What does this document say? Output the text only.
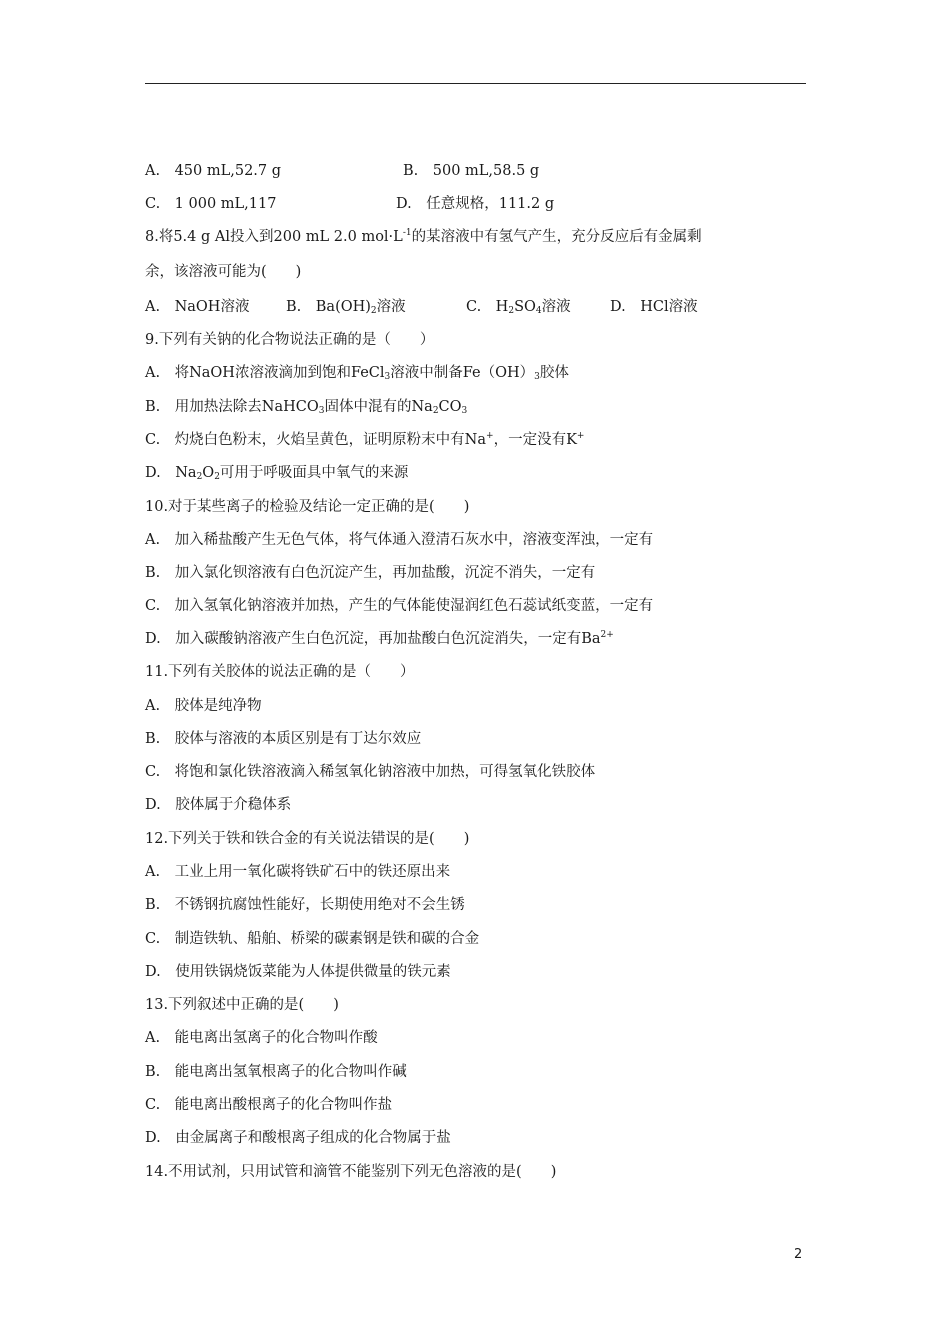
A.　450 mL,52.7 g	B.　500 mL,58.5 g
C.　1 000 mL,117	D.　任意规格，111.2 g
8.将5.4 g Al投入到200 mL 2.0 $mol\cdot L^{-1}$的某溶液中有氢气产生，充分反应后有金属剩
余，该溶液可能为(　　)
A.　NaOH溶液	B.　$Ba(OH)_2$溶液	C.　$H_2SO_4$溶液	D.　HCl溶液
9.下列有关钠的化合物说法正确的是（　　）
A.　将NaOH浓溶液滴加到饱和FeCl$_3$溶液中制备$Fe(OH)_3$胶体
B.　用加热法除去NaHCO$_3$固体中混有的$Na_2CO_3$
C.　灼烧白色粉末，火焰呈黄色，证明原粉末中有Na+，一定没有K+
D.　$Na_2O_2$可用于呼吸面具中氧气的来源
10.对于某些离子的检验及结论一定正确的是(　　)
A.　加入稀盐酸产生无色气体，将气体通入澄清石灰水中，溶液变浑浊，一定有
B.　加入氯化钡溶液有白色沉淀产生，再加盐酸，沉淀不消失，一定有
C.　加入氢氧化钠溶液并加热，产生的气体能使湿润红色石蕊试纸变蓝，一定有
D.　加入碳酸钠溶液产生白色沉淀，再加盐酸白色沉淀消失，一定有$Ba^{2+}$
11.下列有关胶体的说法正确的是（　　）
A.　胶体是纯净物
B.　胶体与溶液的本质区别是有丁达尔效应
C.　将饱和氯化铁溶液滴入稀氢氧化钠溶液中加热，可得氢氧化铁胶体
D.　胶体属于介稳体系
12.下列关于铁和铁合金的有关说法错误的是(　　)
A.　工业上用一氧化碳将铁矿石中的铁还原出来
B.　不锈钢抗腐蚀性能好，长期使用绝对不会生锈
C.　制造铁轨、船舶、桥梁的碳素钢是铁和碳的合金
D.　使用铁锅烧饭菜能为人体提供微量的铁元素
13.下列叙述中正确的是(　　)
A.　能电离出氢离子的化合物叫作酸
B.　能电离出氢氧根离子的化合物叫作碱
C.　能电离出酸根离子的化合物叫作盐
D.　由金属离子和酸根离子组成的化合物属于盐
14.不用试剂，只用试管和滴管不能鉴别下列无色溶液的是(　　)
2
